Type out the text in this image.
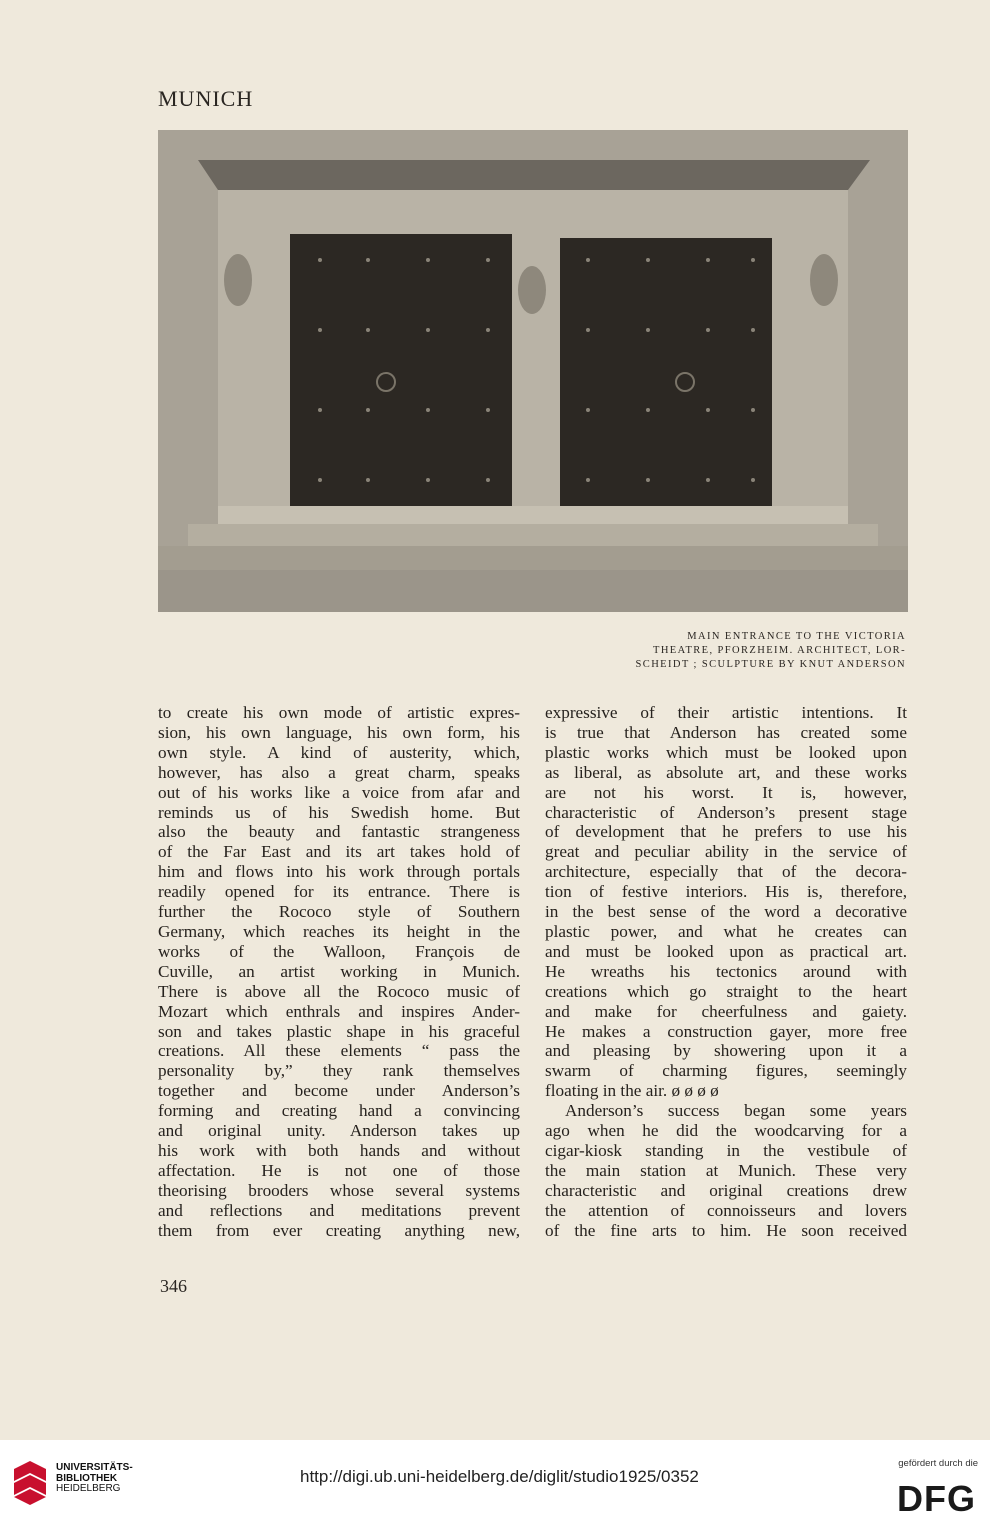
MUNICH
MAIN ENTRANCE TO THE VICTORIA
THEATRE, PFORZHEIM. ARCHITECT, LOR-
SCHEIDT ; SCULPTURE BY KNUT ANDERSON
to create his own mode of artistic expres-
sion, his own language, his own form, his
own style. A kind of austerity, which,
however, has also a great charm, speaks
out of his works like a voice from afar and
reminds us of his Swedish home. But
also the beauty and fantastic strangeness
of the Far East and its art takes hold of
him and flows into his work through portals
readily opened for its entrance. There is
further the Rococo style of Southern
Germany, which reaches its height in the
works of the Walloon, François de
Cuville, an artist working in Munich.
There is above all the Rococo music of
Mozart which enthrals and inspires Ander-
son and takes plastic shape in his graceful
creations. All these elements “ pass the
personality by,” they rank themselves
together and become under Anderson’s
forming and creating hand a convincing
and original unity. Anderson takes up
his work with both hands and without
affectation. He is not one of those
theorising brooders whose several systems
and reflections and meditations prevent
them from ever creating anything new,
expressive of their artistic intentions. It
is true that Anderson has created some
plastic works which must be looked upon
as liberal, as absolute art, and these works
are not his worst. It is, however,
characteristic of Anderson’s present stage
of development that he prefers to use his
great and peculiar ability in the service of
architecture, especially that of the decora-
tion of festive interiors. His is, therefore,
in the best sense of the word a decorative
plastic power, and what he creates can
and must be looked upon as practical art.
He wreaths his tectonics around with
creations which go straight to the heart
and make for cheerfulness and gaiety.
He makes a construction gayer, more free
and pleasing by showering upon it a
swarm of charming figures, seemingly
floating in the air. ø ø ø ø
Anderson’s success began some years
ago when he did the woodcarving for a
cigar-kiosk standing in the vestibule of
the main station at Munich. These very
characteristic and original creations drew
the attention of connoisseurs and lovers
of the fine arts to him. He soon received
346
UNIVERSITÄTS-
BIBLIOTHEK
HEIDELBERG
http://digi.ub.uni-heidelberg.de/diglit/studio1925/0352
gefördert durch die
DFG
